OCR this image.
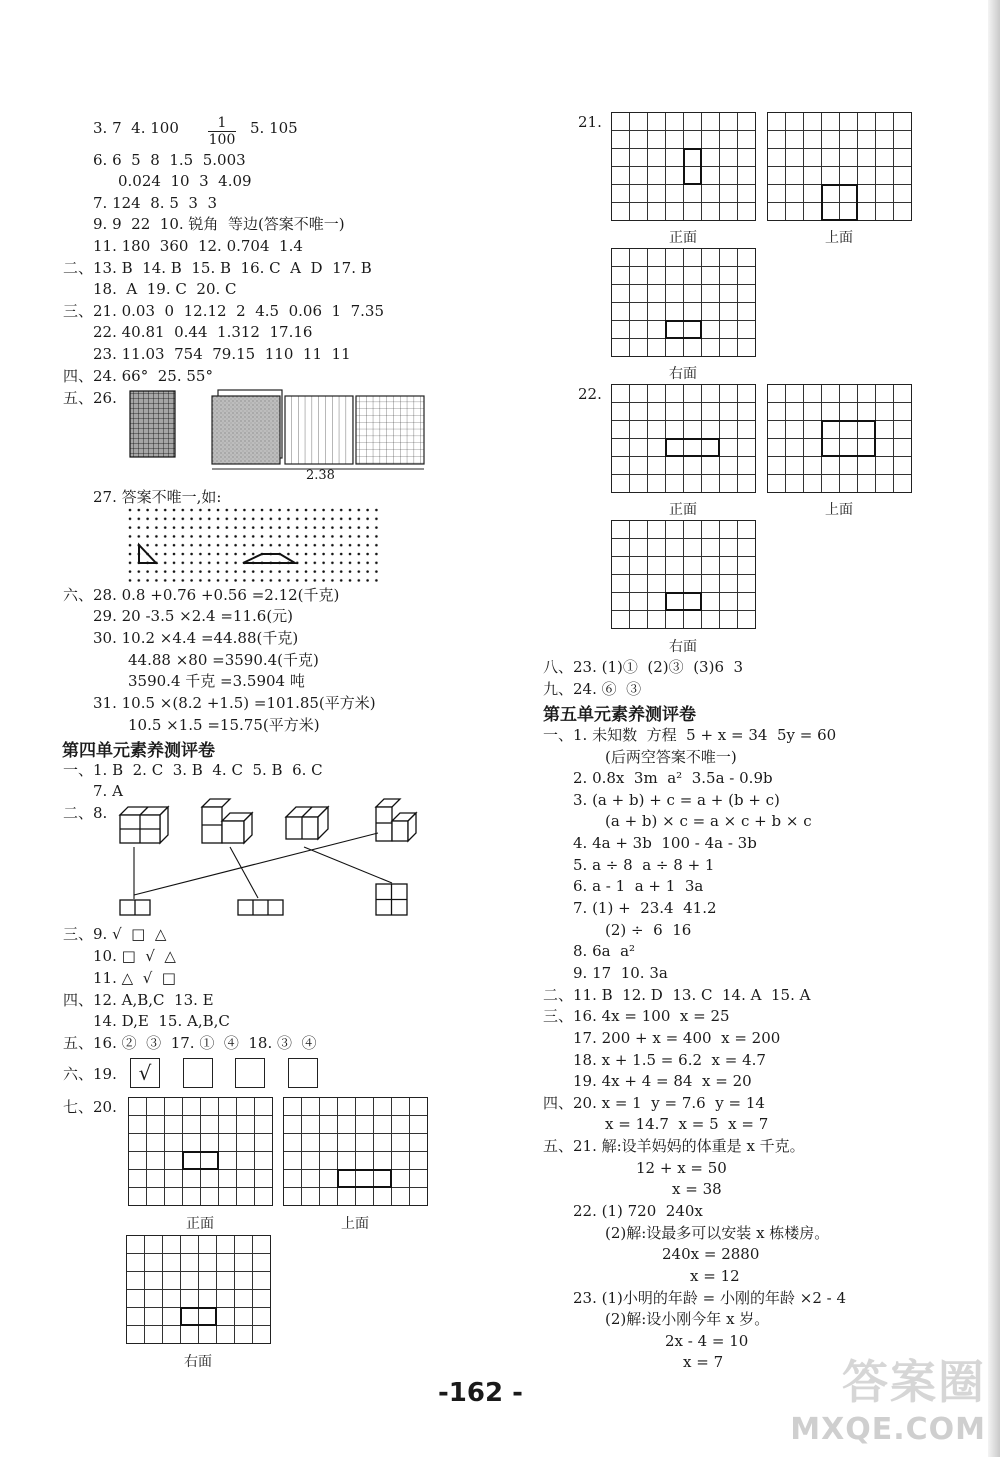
3. 7  4. $100 \frac{1}{100} 5$. 105
6. 6  5  8  1.5  5.003
0.024  10  3  4.09
7. 124  8. 5  3  3
9. 9  22  10. 锐角  等边(答案不唯一)
11. 180  360  12. 0.704  1.4
二、13. B  14. B  15. B  16. C  A  D  17. B
18.  A  19. C  20. C
三、21. 0.03  0  12.12  2  4.5  0.06  1  7.35
22. 40.81  0.44  1.312  17.16
23. 11.03  754  79.15  110  11  11
四、24. 66°  25. 55°
五、26.
2.38
27. 答案不唯一,如:
六、28. 0.8 +0.76 +0.56 =2.12(千克)
29. 20 -3.5 ×2.4 =11.6(元)
30. 10.2 ×4.4 =44.88(千克)
44.88 ×80 =3590.4(千克)
3590.4 千克 =3.5904 吨
31. 10.5 ×(8.2 +1.5) =101.85(平方米)
10.5 ×1.5 =15.75(平方米)
第四单元素养测评卷
一、1. B  2. C  3. B  4. C  5. B  6. C
7. A
二、8.
三、9. √  □  △
10. □  √  △
11. △  √  □
四、12. A,B,C  13. E
14. D,E  15. A,B,C
五、16. ②  ③  17. ①  ④  18. ③  ④
六、19.	√
七、20.
正面	上面
右面
21.
正面	上面
右面
22.
正面	上面
右面
八、23. (1)①  (2)③  (3)6  3
九、24. ⑥  ③
第五单元素养测评卷
一、1. 未知数  方程  5 + x = 34  5y = 60
(后两空答案不唯一)
2. 0.8x  3m  a²  3.5a - 0.9b
3. (a + b) + c = a + (b + c)
(a + b) × c = a × c + b × c
4. 4a + 3b  100 - 4a - 3b
5. a ÷ 8  a ÷ 8 + 1
6. a - 1  a + 1  3a
7. (1) +  23.4  41.2
(2) ÷  6  16
8. 6a  a²
9. 17  10. 3a
二、11. B  12. D  13. C  14. A  15. A
三、16. 4x = 100  x = 25
17. 200 + x = 400  x = 200
18. x + 1.5 = 6.2  x = 4.7
19. 4x + 4 = 84  x = 20
四、20. x = 1  y = 7.6  y = 14
x = 14.7  x = 5  x = 7
五、21. 解:设羊妈妈的体重是 x 千克。
12 + x = 50
x = 38
22. (1) 720  240x
(2)解:设最多可以安装 x 栋楼房。
240x = 2880
x = 12
23. (1)小明的年龄 = 小刚的年龄 ×2 - 4
(2)解:设小刚今年 x 岁。
2x - 4 = 10
x = 7
-162 -	答案圈
MXQE.COM
